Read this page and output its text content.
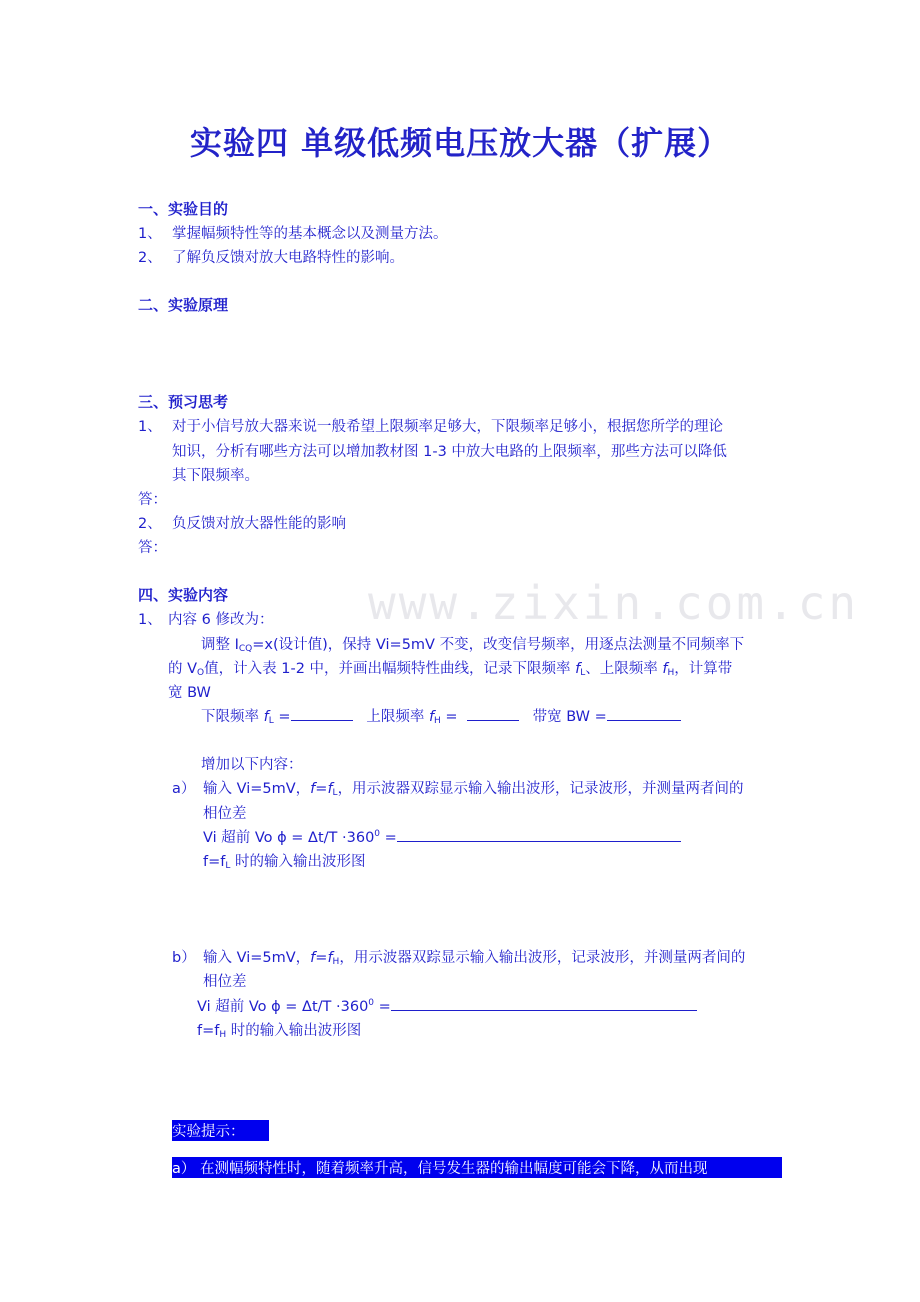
实验四 单级低频电压放大器（扩展）
一、实验目的
1、 掌握幅频特性等的基本概念以及测量方法。
2、 了解负反馈对放大电路特性的影响。
二、实验原理
三、预习思考
1、 对于小信号放大器来说一般希望上限频率足够大，下限频率足够小，根据您所学的理论
知识，分析有哪些方法可以增加教材图 1-3 中放大电路的上限频率，那些方法可以降低
其下限频率。
答：
2、 负反馈对放大器性能的影响
答：
www.zixin.com.cn
四、实验内容
1、 内容 6 修改为：
调整 $I_{CQ}=x$(设计值)，保持 Vi=5mV 不变，改变信号频率，用逐点法测量不同频率下
的 $V_O$值，计入表 1-2 中，并画出幅频特性曲线，记录下限频率 $f_L$、上限频率 $f_H$，计算带
宽 BW
下限频率 $f_L$ =	上限频率 $f_H$ =	带宽 BW =
增加以下内容：
a） 输入 Vi=5mV，$f=f_L$，用示波器双踪显示输入输出波形，记录波形，并测量两者间的
相位差
Vi 超前 Vo $\phi = \Delta t/T \cdot 360^0$ =
$f=f_L$ 时的输入输出波形图
b） 输入 Vi=5mV，$f=f_H$，用示波器双踪显示输入输出波形，记录波形，并测量两者间的
相位差
Vi 超前 Vo $\phi = \Delta t/T \cdot 360^0$ =
$f=f_H$ 时的输入输出波形图
实验提示：
a） 在测幅频特性时，随着频率升高，信号发生器的输出幅度可能会下降，从而出现
